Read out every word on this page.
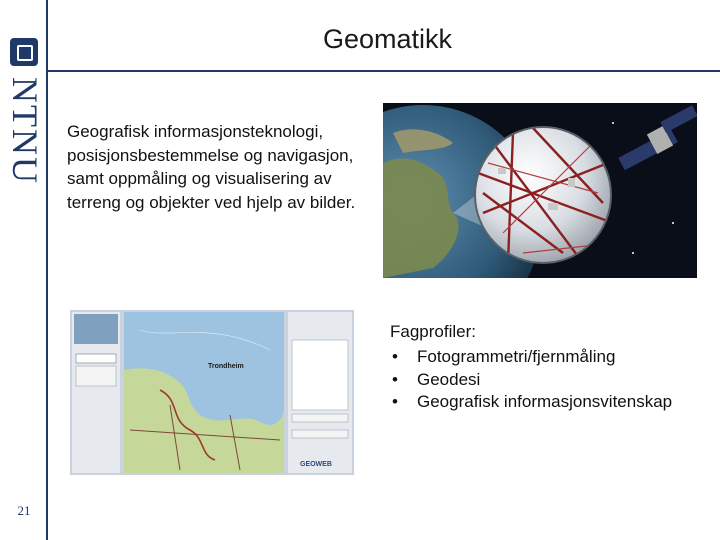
NTNU
21
Geomatikk

Geografisk informasjonsteknologi, posisjonsbestemmelse og navigasjon, samt oppmåling og visualisering av terreng og objekter ved hjelp av bilder.

Trondheim
GEOWEB

Fagprofiler:

• Fotogrammetri/fjernmåling
• Geodesi
• Geografisk informasjonsvitenskap
